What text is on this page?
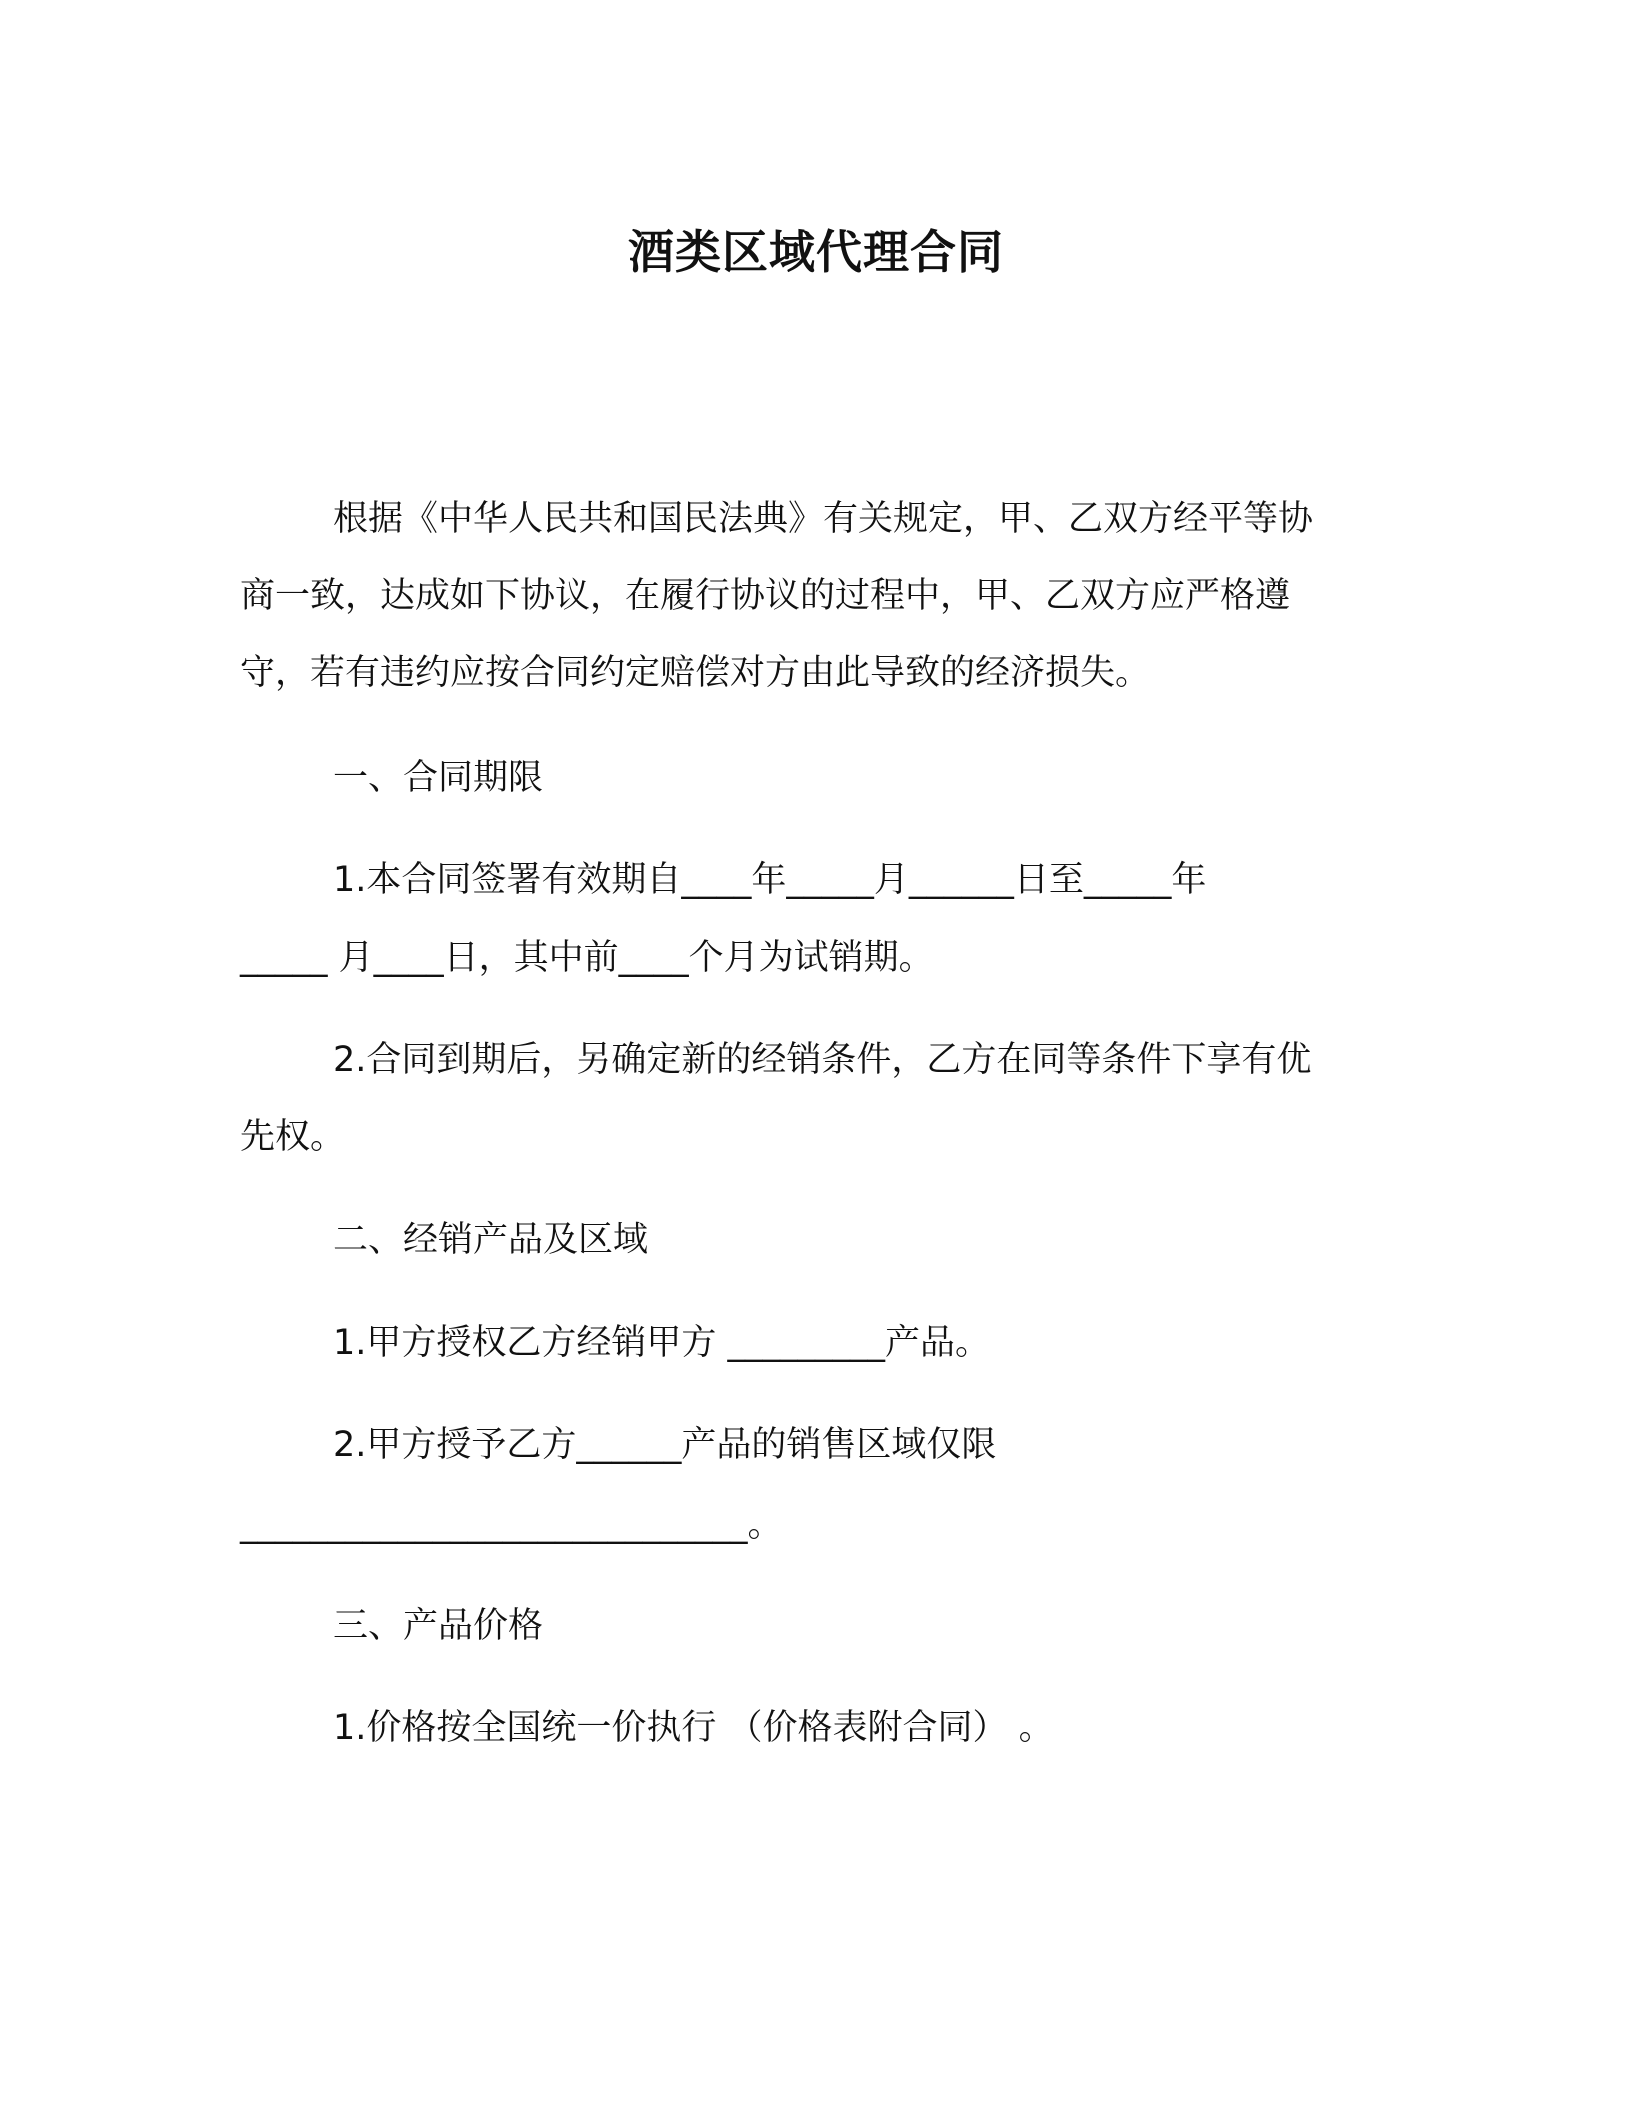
酒类区域代理合同
根据《中华人民共和国民法典》有关规定，甲、乙双方经平等协
商一致，达成如下协议，在履行协议的过程中，甲、乙双方应严格遵
守，若有违约应按合同约定赔偿对方由此导致的经济损失。
一、合同期限
1.本合同签署有效期自____年_____月______日至_____年
_____ 月____日，其中前____个月为试销期。
2.合同到期后，另确定新的经销条件，乙方在同等条件下享有优
先权。
二、经销产品及区域
1.甲方授权乙方经销甲方 _________产品。
2.甲方授予乙方______产品的销售区域仅限
_____________________________。
三、产品价格
1.价格按全国统一价执行 （价格表附合同） 。
